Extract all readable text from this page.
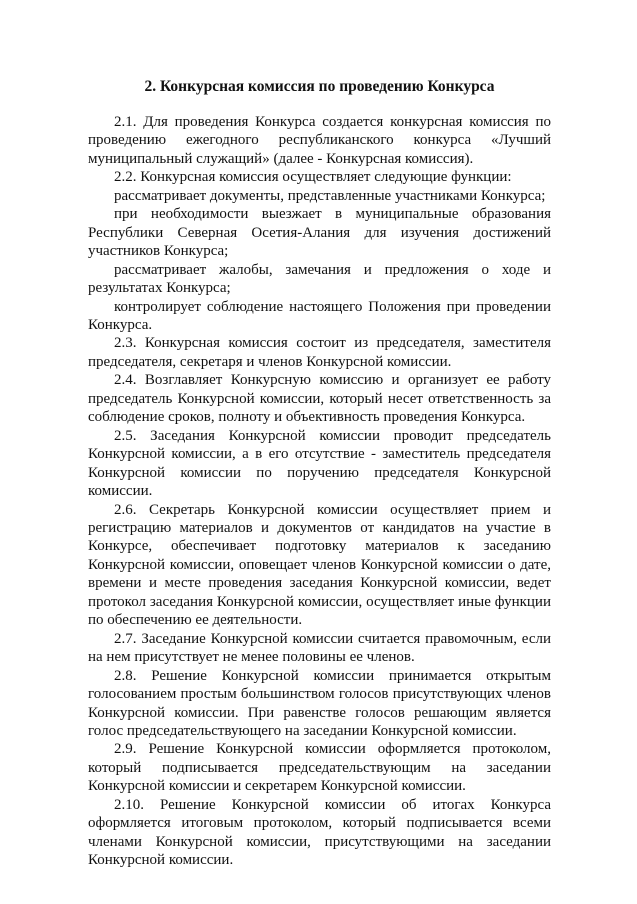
2. Конкурсная комиссия по проведению Конкурса

2.1. Для проведения Конкурса создается конкурсная комиссия по проведению ежегодного республиканского конкурса «Лучший муниципальный служащий» (далее - Конкурсная комиссия).

2.2. Конкурсная комиссия осуществляет следующие функции:

рассматривает документы, представленные участниками Конкурса;

при необходимости выезжает в муниципальные образования Республики Северная Осетия-Алания для изучения достижений участников Конкурса;

рассматривает жалобы, замечания и предложения о ходе и результатах Конкурса;

контролирует соблюдение настоящего Положения при проведении Конкурса.

2.3. Конкурсная комиссия состоит из председателя, заместителя председателя, секретаря и членов Конкурсной комиссии.

2.4. Возглавляет Конкурсную комиссию и организует ее работу председатель Конкурсной комиссии, который несет ответственность за соблюдение сроков, полноту и объективность проведения Конкурса.

2.5. Заседания Конкурсной комиссии проводит председатель Конкурсной комиссии, а в его отсутствие - заместитель председателя Конкурсной комиссии по поручению председателя Конкурсной комиссии.

2.6. Секретарь Конкурсной комиссии осуществляет прием и регистрацию материалов и документов от кандидатов на участие в Конкурсе, обеспечивает подготовку материалов к заседанию Конкурсной комиссии, оповещает членов Конкурсной комиссии о дате, времени и месте проведения заседания Конкурсной комиссии, ведет протокол заседания Конкурсной комиссии, осуществляет иные функции по обеспечению ее деятельности.

2.7. Заседание Конкурсной комиссии считается правомочным, если на нем присутствует не менее половины ее членов.

2.8. Решение Конкурсной комиссии принимается открытым голосованием простым большинством голосов присутствующих членов Конкурсной комиссии. При равенстве голосов решающим является голос председательствующего на заседании Конкурсной комиссии.

2.9. Решение Конкурсной комиссии оформляется протоколом, который подписывается председательствующим на заседании Конкурсной комиссии и секретарем Конкурсной комиссии.

2.10. Решение Конкурсной комиссии об итогах Конкурса оформляется итоговым протоколом, который подписывается всеми членами Конкурсной комиссии, присутствующими на заседании Конкурсной комиссии.
